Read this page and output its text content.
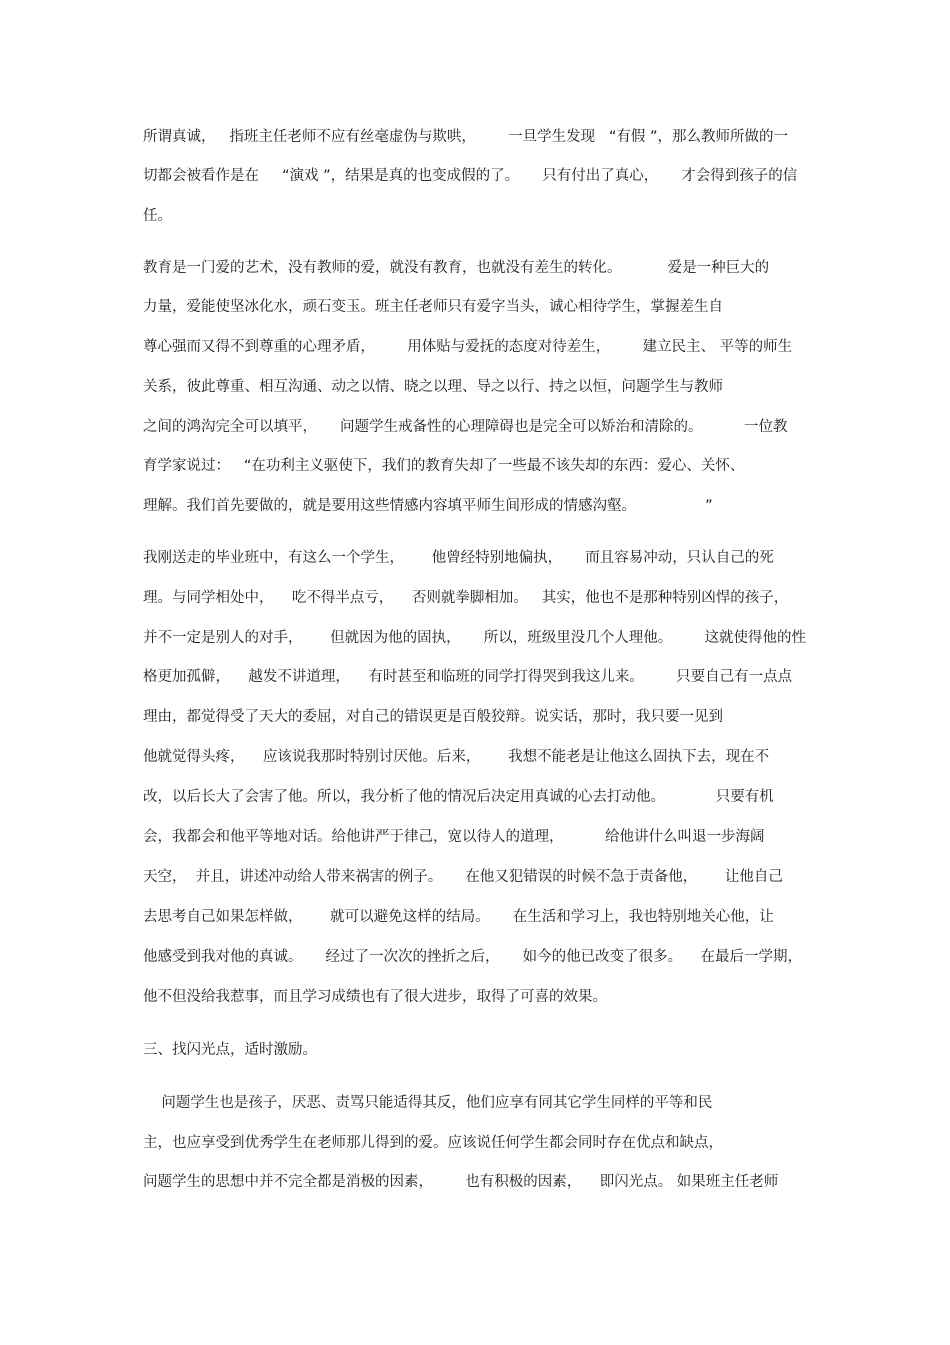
所谓真诚，   指班主任老师不应有丝毫虚伪与欺哄，       一旦学生发现   “有假 ”，那么教师所做的一
切都会被看作是在     “演戏 ”，结果是真的也变成假的了。     只有付出了真心，     才会得到孩子的信
任。
教育是一门爱的艺术，没有教师的爱，就没有教育，也就没有差生的转化。          爱是一种巨大的
力量，爱能使坚冰化水，顽石变玉。班主任老师只有爱字当头，诚心相待学生，掌握差生自
尊心强而又得不到尊重的心理矛盾，       用体贴与爱抚的态度对待差生，       建立民主、 平等的师生
关系，彼此尊重、相互沟通、动之以情、晓之以理、导之以行、持之以恒，问题学生与教师
之间的鸿沟完全可以填平，     问题学生戒备性的心理障碍也是完全可以矫治和清除的。         一位教
育学家说过：   “在功利主义驱使下，我们的教育失却了一些最不该失却的东西：爱心、关怀、
理解。我们首先要做的，就是要用这些情感内容填平师生间形成的情感沟壑。               ”
我刚送走的毕业班中，有这么一个学生，      他曾经特别地偏执，     而且容易冲动，只认自己的死
理。与同学相处中，    吃不得半点亏，    否则就拳脚相加。   其实，他也不是那种特别凶悍的孩子，
并不一定是别人的对手，      但就因为他的固执，     所以，班级里没几个人理他。       这就使得他的性
格更加孤僻，    越发不讲道理，    有时甚至和临班的同学打得哭到我这儿来。       只要自己有一点点
理由，都觉得受了天大的委屈，对自己的错误更是百般狡辩。说实话，那时，我只要一见到
他就觉得头疼，    应该说我那时特别讨厌他。后来，      我想不能老是让他这么固执下去，现在不
改，以后长大了会害了他。所以，我分析了他的情况后决定用真诚的心去打动他。           只要有机
会，我都会和他平等地对话。给他讲严于律己，宽以待人的道理，         给他讲什么叫退一步海阔
天空，  并且，讲述冲动给人带来祸害的例子。     在他又犯错误的时候不急于责备他，      让他自己
去思考自己如果怎样做，      就可以避免这样的结局。     在生活和学习上，我也特别地关心他，让
他感受到我对他的真诚。     经过了一次次的挫折之后，     如今的他已改变了很多。    在最后一学期，
他不但没给我惹事，而且学习成绩也有了很大进步，取得了可喜的效果。
三、找闪光点，适时激励。
问题学生也是孩子，厌恶、责骂只能适得其反，他们应享有同其它学生同样的平等和民
主，也应享受到优秀学生在老师那儿得到的爱。应该说任何学生都会同时存在优点和缺点，
问题学生的思想中并不完全都是消极的因素，       也有积极的因素，    即闪光点。 如果班主任老师
